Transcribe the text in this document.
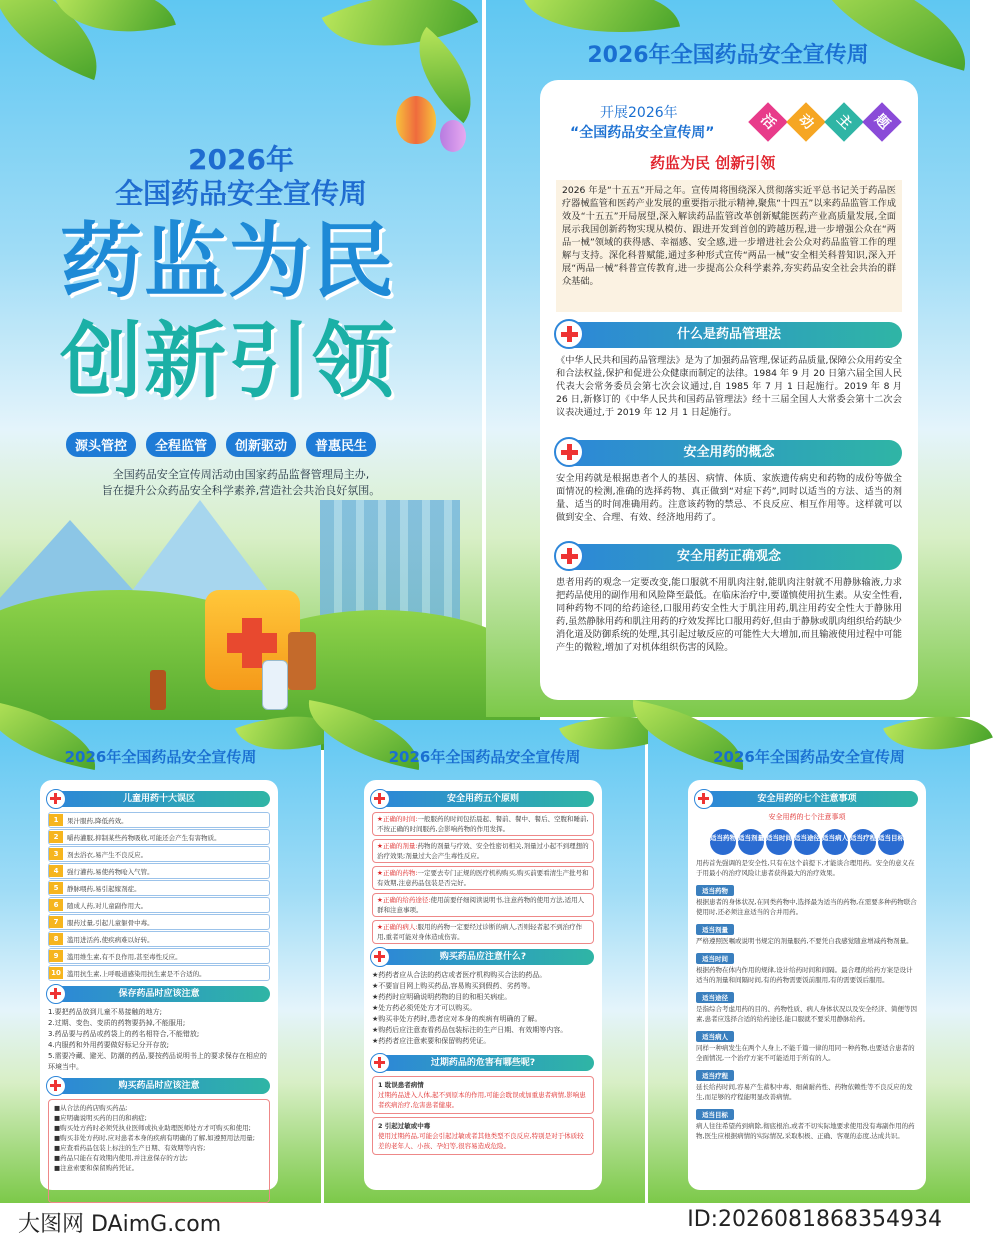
2026年
全国药品安全宣传周
药监为民
创新引领
源头管控	全程监管	创新驱动	普惠民生
全国药品安全宣传周活动由国家药品监督管理局主办,
旨在提升公众药品安全科学素养,营造社会共治良好氛围。
2026年全国药品安全宣传周
开展2026年
“全国药品安全宣传周”
活	动	主	题
药监为民 创新引领
2026 年是“十五五”开局之年。宣传周将围绕深入贯彻落实近平总书记关于药品医疗器械监管和医药产业发展的重要指示批示精神,聚焦“十四五”以来药品监管工作成效及“十五五”开局展望,深入解读药品监管改革创新赋能医药产业高质量发展,全面展示我国创新药物实现从模仿、跟进开发到首创的跨越历程,进一步增强公众在“两品一械”领域的获得感、幸福感、安全感,进一步增进社会公众对药品监管工作的理解与支持。深化科普赋能,通过多种形式宣传“两品一械”安全相关科普知识,深入开展“两品一械”科普宣传教育,进一步提高公众科学素养,夯实药品安全社会共治的群众基础。
什么是药品管理法
《中华人民共和国药品管理法》是为了加强药品管理,保证药品质量,保障公众用药安全和合法权益,保护和促进公众健康而制定的法律。1984 年 9 月 20 日第六届全国人民代表大会常务委员会第七次会议通过,自 1985 年 7 月 1 日起施行。2019 年 8 月 26 日,新修订的《中华人民共和国药品管理法》经十三届全国人大常委会第十二次会议表决通过,于 2019 年 12 月 1 日起施行。
安全用药的概念
安全用药就是根据患者个人的基因、病情、体质、家族遗传病史和药物的成份等做全面情况的检测,准确的选择药物、真正做到“对症下药”,同时以适当的方法、适当的剂量、适当的时间准确用药。注意该药物的禁忌、不良反应、相互作用等。这样就可以做到安全、合理、有效、经济地用药了。
安全用药正确观念
患者用药的观念一定要改变,能口服就不用肌肉注射,能肌肉注射就不用静脉输液,力求把药品使用的副作用和风险降至最低。在临床治疗中,要谨慎使用抗生素。从安全性看,同种药物不同的给药途径,口服用药安全性大于肌注用药,肌注用药安全性大于静脉用药,虽然静脉用药和肌注用药的疗效发挥比口服用药好,但由于静脉或肌肉组织给药缺少消化道及防御系统的处理,其引起过敏反应的可能性大大增加,而且输液使用过程中可能产生的微粒,增加了对机体组织伤害的风险。
2026年全国药品安全宣传周
儿童用药十大误区
1	果汁服药,降低药效。
2	嚼药灌服,抑制某些药物吸收,可能还会产生有害物质。
3	剂去浴衣,易产生不良反应。
4	强行灌药,易使药物呛入气管。
5	静脉喂药,易引起嫁剂症。
6	随成人药,对儿童副作用大。
7	服药过量,引起儿童躯骨中毒。
8	滥用进活药,使疾病难以好转。
9	滥用维生素,有不良作用,甚至毒性反应。
10 滥用抗生素,上呼吸道感染用抗生素是不合适的。
保存药品时应该注意
1.要把药品放到儿童不易接触的地方;
2.过期、变色、变质的药物要扔掉,不能服用;
3.药品要与药品或药袋上的药名相符合,不能错放;
4.内服药和外用药要做好标记分开存放;
5.需要冷藏、避光、防潮的药品,要按药品说明书上的要求保存在相应的环境当中。
购买药品时应该注意
■从合法的药店购买药品;
■应明确说明买药的目的和病症;
■购买处方药时必须凭执业医师或执业助理医师处方才可购买和使用;
■购买非处方药时,应对患者本身的疾病有明确的了解,如遵照用法用量;
■应查看药品包装上标注的生产日期、有效期等内容;
■药品只能在有效期内使用,并注意保存的方法;
■注意索要和保留购药凭证。
2026年全国药品安全宣传周
安全用药五个原则
★正确的时间:一般服药的时间包括晨起、餐前、餐中、餐后、空腹和睡前,不按正确的时间服药,会影响药物的作用发挥。
★正确的剂量:药物的剂量与疗效、安全性密切相关,剂量过小起不到理想的治疗效果;剂量过大会产生毒性反应。
★正确的药物:一定要去专门正规的医疗机构购买,购买前要看清生产批号和有效期,注意药品包装是否完好。
★正确的给药途径:使用前要仔细阅读说明书,注意药物的使用方法,适用人群和注意事项。
★正确的病人:服用的药物一定要经过诊断的病人,否则轻者起不到治疗作用,重者可能对身体造成伤害。
购买药品应注意什么?
★药药者应从合法的药店或者医疗机构购买合法的药品。
★不要盲目网上购买药品,容易购买到假药、劣药等。
★药药时应明确说明药物的目的和相关病症。
★处方药必须凭处方才可以购买。
★购买非处方药时,患者应对本身的疾病有明确的了解。
★购药后应注意查看药品包装标注的生产日期、有效期等内容。
★药药者应注意索要和保留购药凭证。
过期药品的危害有哪些呢?
1 耽误患者病情
过期药品进入人体,起不到原本的作用,可能会耽误或加重患者病情,影响患者疾病治疗,危害患者健康。
2 引起过敏或中毒
使用过期药品,可能会引起过敏或者其他类型不良反应,特别是对于体质较差的老年人、小孩、孕妇等,很容易造成危险。
2026年全国药品安全宣传周
安全用药的七个注意事项
安全用药的七个注意事项
适当药物 适当剂量 适当时间 适当途径 适当病人 适当疗程 适当目标
用药首先强调的是安全性,只有在这个前提下,才能谈合理用药。安全的意义在于用最小的治疗风险让患者获得最大的治疗效果。
适当药物
根据患者的身体状况,在同类药物中,选择最为适当的药物,在需要多种药物联合使用时,还必须注意适当的合并用药。
适当剂量
严格遵照医嘱或说明书规定的剂量服药,不要凭自我感觉随意增减药物剂量。
适当时间
根据药物在体内作用的规律,设计给药时间和间隔。最合理的给药方案是设计适当的剂量和间隔时间,有的药物需要饭前服用,有的需要饭后服用。
适当途径
是指综合考虑用药的目的、药物性质、病人身体状况以及安全经济、简便等因素,患者应选择合适的给药途径,能口服就不要采用静脉给药。
适当病人
同样一种病发生在两个人身上,不能千篇一律的用同一种药物,也要适合患者的全面情况,一个治疗方案不可能适用于所有的人。
适当疗程
延长给药时间,容易产生蓄积中毒、细菌耐药性、药物依赖性等不良反应的发生,而足够的疗程能明显改善病情。
适当目标
病人往往希望药到病除,彻底根治,或者不切实际地要求使用没有毒副作用的药物,医生应根据病情的实际情况,采取积极、正确、客观的态度,达成共识。
大图网 DAimG.com	ID:2026081868354934
